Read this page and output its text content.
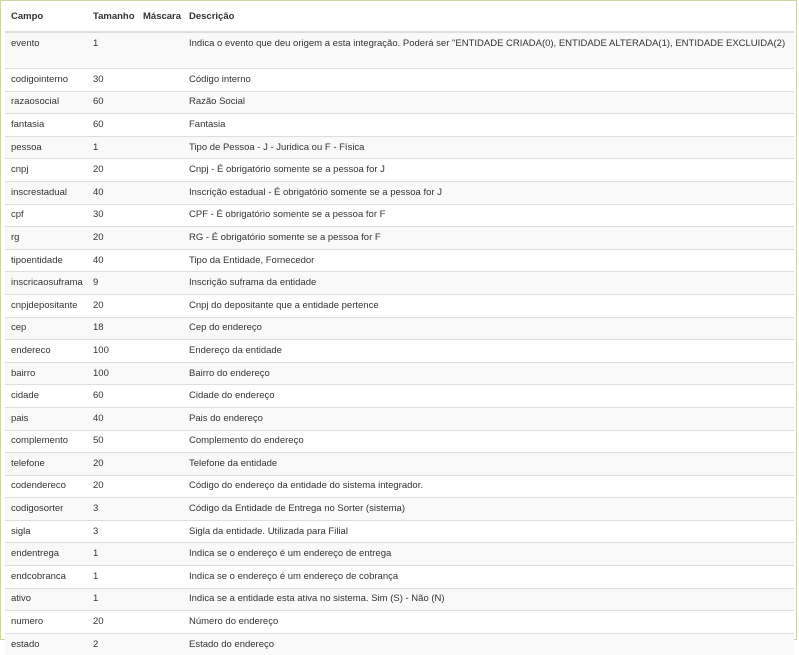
Campo	Tamanho	Máscara	Descrição
evento	1		Indica o evento que deu origem a esta integração. Poderá ser "ENTIDADE CRIADA(0), ENTIDADE ALTERADA(1), ENTIDADE EXCLUIDA(2)
codigointerno	30		Código interno
razaosocial	60		Razão Social
fantasia	60		Fantasia
pessoa	1		Tipo de Pessoa - J - Juridica ou F - Física
cnpj	20		Cnpj - É obrigatório somente se a pessoa for J
inscrestadual	40		Inscrição estadual - É obrigatório somente se a pessoa for J
cpf	30		CPF - É obrigatório somente se a pessoa for F
rg	20		RG - É obrigatório somente se a pessoa for F
tipoentidade	40		Tipo da Entidade, Fornecedor
inscricaosuframa	9		Inscrição suframa da entidade
cnpjdepositante	20		Cnpj do depositante que a entidade pertence
cep	18		Cep do endereço
endereco	100		Endereço da entidade
bairro	100		Bairro do endereço
cidade	60		Cidade do endereço
pais	40		Pais do endereço
complemento	50		Complemento do endereço
telefone	20		Telefone da entidade
codendereco	20		Código do endereço da entidade do sistema integrador.
codigosorter	3		Código da Entidade de Entrega no Sorter (sistema)
sigla	3		Sigla da entidade. Utilizada para Filial
endentrega	1		Indica se o endereço é um endereço de entrega
endcobranca	1		Indica se o endereço é um endereço de cobrança
ativo	1		Indica se a entidade esta ativa no sistema. Sim (S) - Não (N)
numero	20		Número do endereço
estado	2		Estado do endereço
